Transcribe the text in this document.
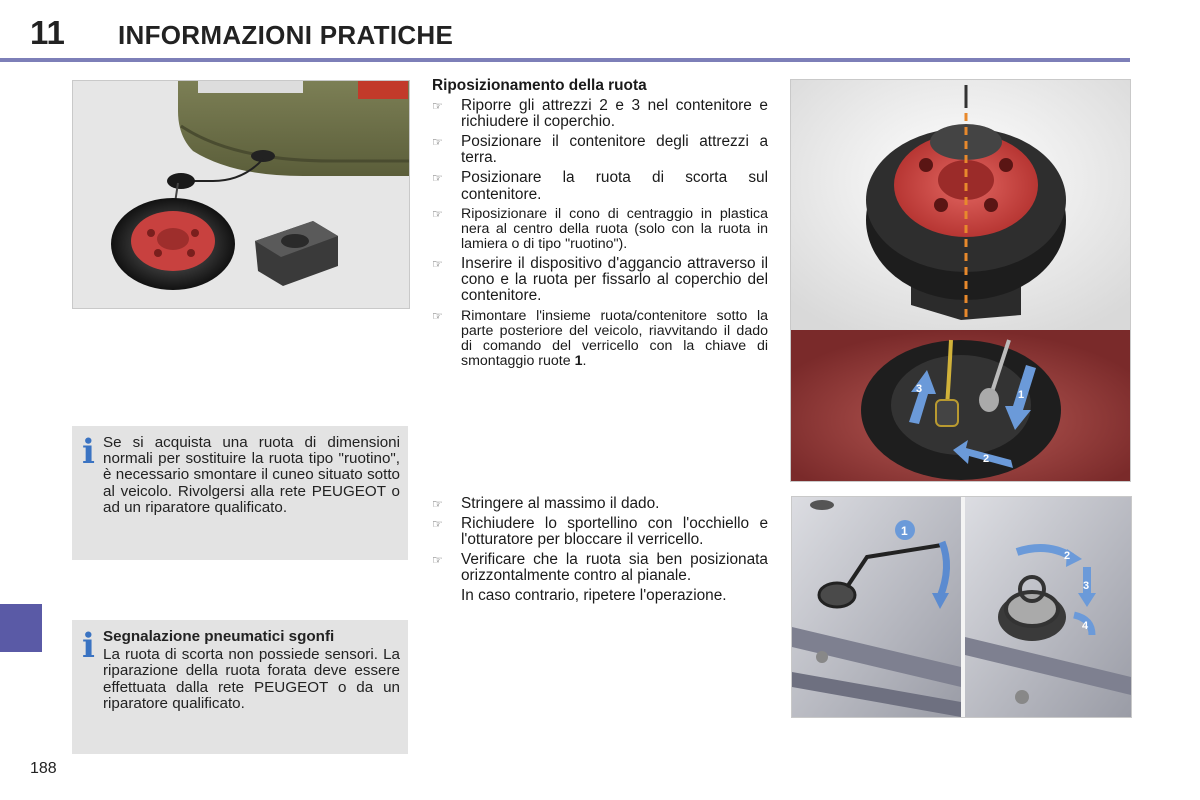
11 INFORMAZIONI PRATICHE
188
3	1
2
1
2
3
4
i Se si acquista una ruota di dimensioni normali per sostituire la ruota tipo "ruotino", è necessario smontare il cuneo situato sotto al veicolo. Rivolgersi alla rete PEUGEOT o ad un riparatore qualificato.
i Segnalazione pneumatici sgonfi
La ruota di scorta non possiede sensori. La riparazione della ruota forata deve essere effettuata dalla rete PEUGEOT o da un riparatore qualificato.
Riposizionamento della ruota
☞ Riporre gli attrezzi 2 e 3 nel contenitore e richiudere il coperchio.
☞ Posizionare il contenitore degli attrezzi a terra.
☞ Posizionare la ruota di scorta sul contenitore.
☞ Riposizionare il cono di centraggio in plastica nera al centro della ruota (solo con la ruota in lamiera o di tipo "ruotino").
☞ Inserire il dispositivo d'aggancio attraverso il cono e la ruota per fissarlo al coperchio del contenitore.
☞ Rimontare l'insieme ruota/contenitore sotto la parte posteriore del veicolo, riavvitando il dado di comando del verricello con la chiave di smontaggio ruote 1.
☞ Stringere al massimo il dado.
☞ Richiudere lo sportellino con l'occhiello e l'otturatore per bloccare il verricello.
☞ Verificare che la ruota sia ben posizionata orizzontalmente contro al pianale.
In caso contrario, ripetere l'operazione.
